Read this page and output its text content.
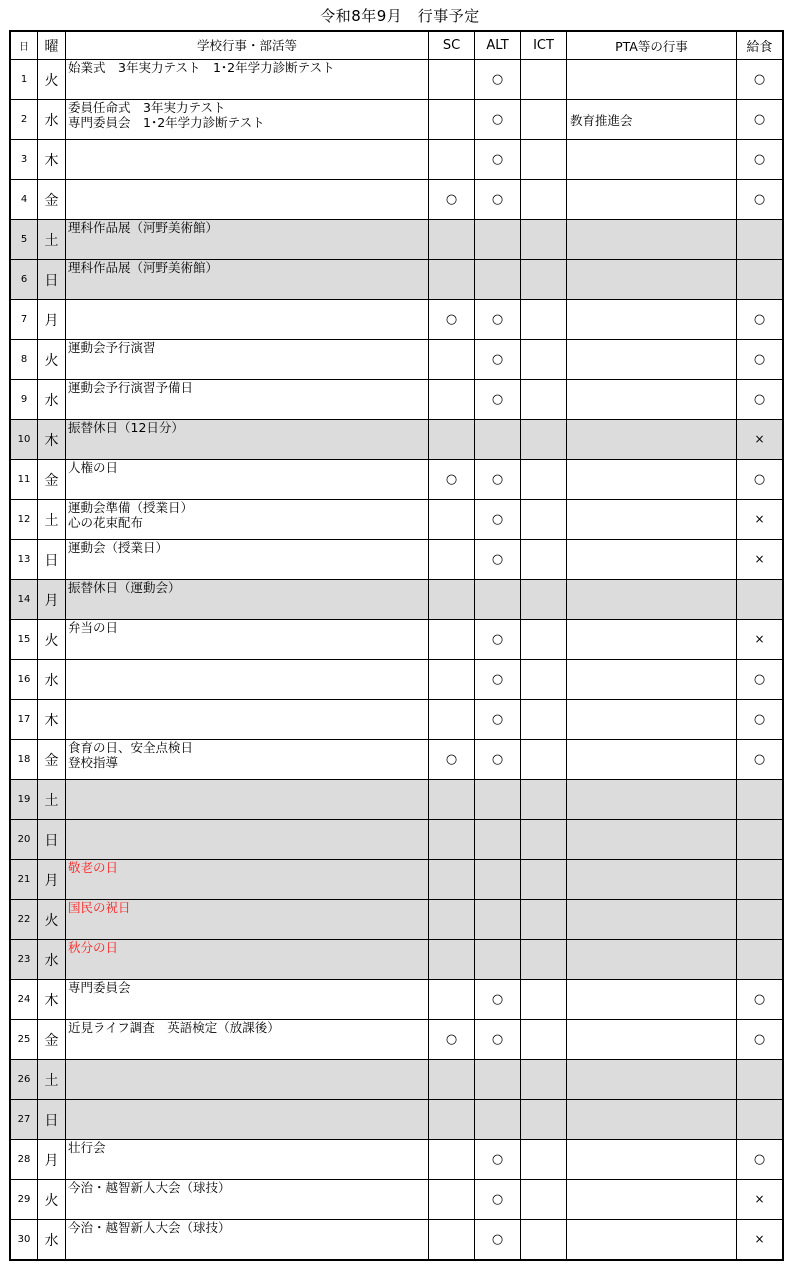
令和8年9月　行事予定
日	曜	学校行事・部活等	SC	ALT	ICT	PTA等の行事	給食
1	火	始業式　3年実力テスト　1･2年学力診断テスト		○			○
2	水	委員任命式　3年実力テスト
専門委員会　1･2年学力診断テスト		○		教育推進会	○
3	木			○			○
4	金		○	○			○
5	土	理科作品展（河野美術館）					

6	日	理科作品展（河野美術館）					

7	月		○	○			○
8	火	運動会予行演習		○			○
9	水	運動会予行演習予備日		○			○
10	木	振替休日（12日分）					×
11	金	人権の日	○	○			○
12	土	運動会準備（授業日）
心の花束配布		○			×
13	日	運動会（授業日）		○			×
14	月	振替休日（運動会）					

15	火	弁当の日		○			×
16	水			○			○
17	木			○			○
18	金	食育の日、安全点検日
登校指導	○	○			○
19	土						
20	日						
21	月	敬老の日					

22	火	国民の祝日					

23	水	秋分の日					

24	木	専門委員会		○			○
25	金	近見ライフ調査　英語検定（放課後）	○	○			○
26	土						
27	日						
28	月	壮行会		○			○
29	火	今治・越智新人大会（球技）		○			×
30	水	今治・越智新人大会（球技）		○			×
